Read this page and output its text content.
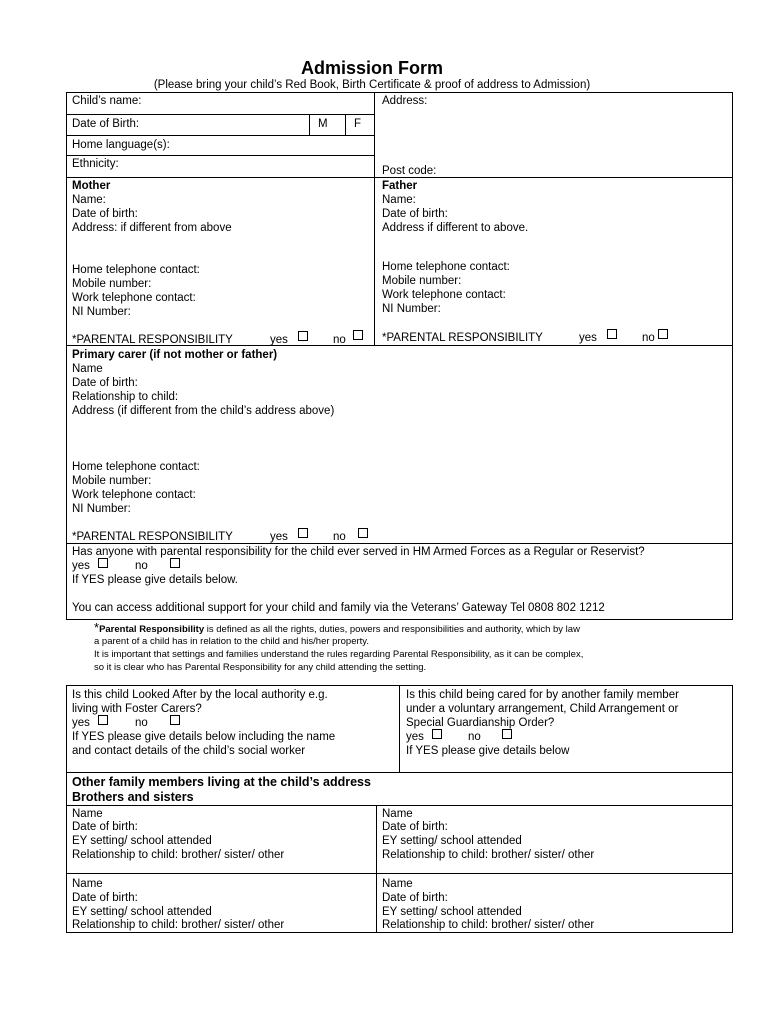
Admission Form
(Please bring your child’s Red Book, Birth Certificate & proof of address to Admission)
Child’s name:
Date of Birth:	M F
Home language(s):
Ethnicity:
Address:
Post code:
Mother
Name:
Date of birth:
Address: if different from above
Home telephone contact:
Mobile number:
Work telephone contact:
NI Number:
*PARENTAL RESPONSIBILITY	yes	no
Father
Name:
Date of birth:
Address if different to above.
Home telephone contact:
Mobile number:
Work telephone contact:
NI Number:
*PARENTAL RESPONSIBILITY	yes	no
Primary carer (if not mother or father)
Name
Date of birth:
Relationship to child:
Address (if different from the child’s address above)
Home telephone contact:
Mobile number:
Work telephone contact:
NI Number:
*PARENTAL RESPONSIBILITY	yes	no
Has anyone with parental responsibility for the child ever served in HM Armed Forces as a Regular or Reservist?
yes	no
If YES please give details below.
You can access additional support for your child and family via the Veterans’ Gateway Tel 0808 802 1212
*Parental Responsibility is defined as all the rights, duties, powers and responsibilities and authority, which by law
a parent of a child has in relation to the child and his/her property.
It is important that settings and families understand the rules regarding Parental Responsibility, as it can be complex,
so it is clear who has Parental Responsibility for any child attending the setting.
Is this child Looked After by the local authority e.g.
living with Foster Carers?
yes	no
If YES please give details below including the name
and contact details of the child’s social worker
Is this child being cared for by another family member
under a voluntary arrangement, Child Arrangement or
Special Guardianship Order?
yes	no
If YES please give details below
Other family members living at the child’s address
Brothers and sisters
Name
Date of birth:
EY setting/ school attended
Relationship to child: brother/ sister/ other
Name
Date of birth:
EY setting/ school attended
Relationship to child: brother/ sister/ other
Name
Date of birth:
EY setting/ school attended
Relationship to child: brother/ sister/ other
Name
Date of birth:
EY setting/ school attended
Relationship to child: brother/ sister/ other
